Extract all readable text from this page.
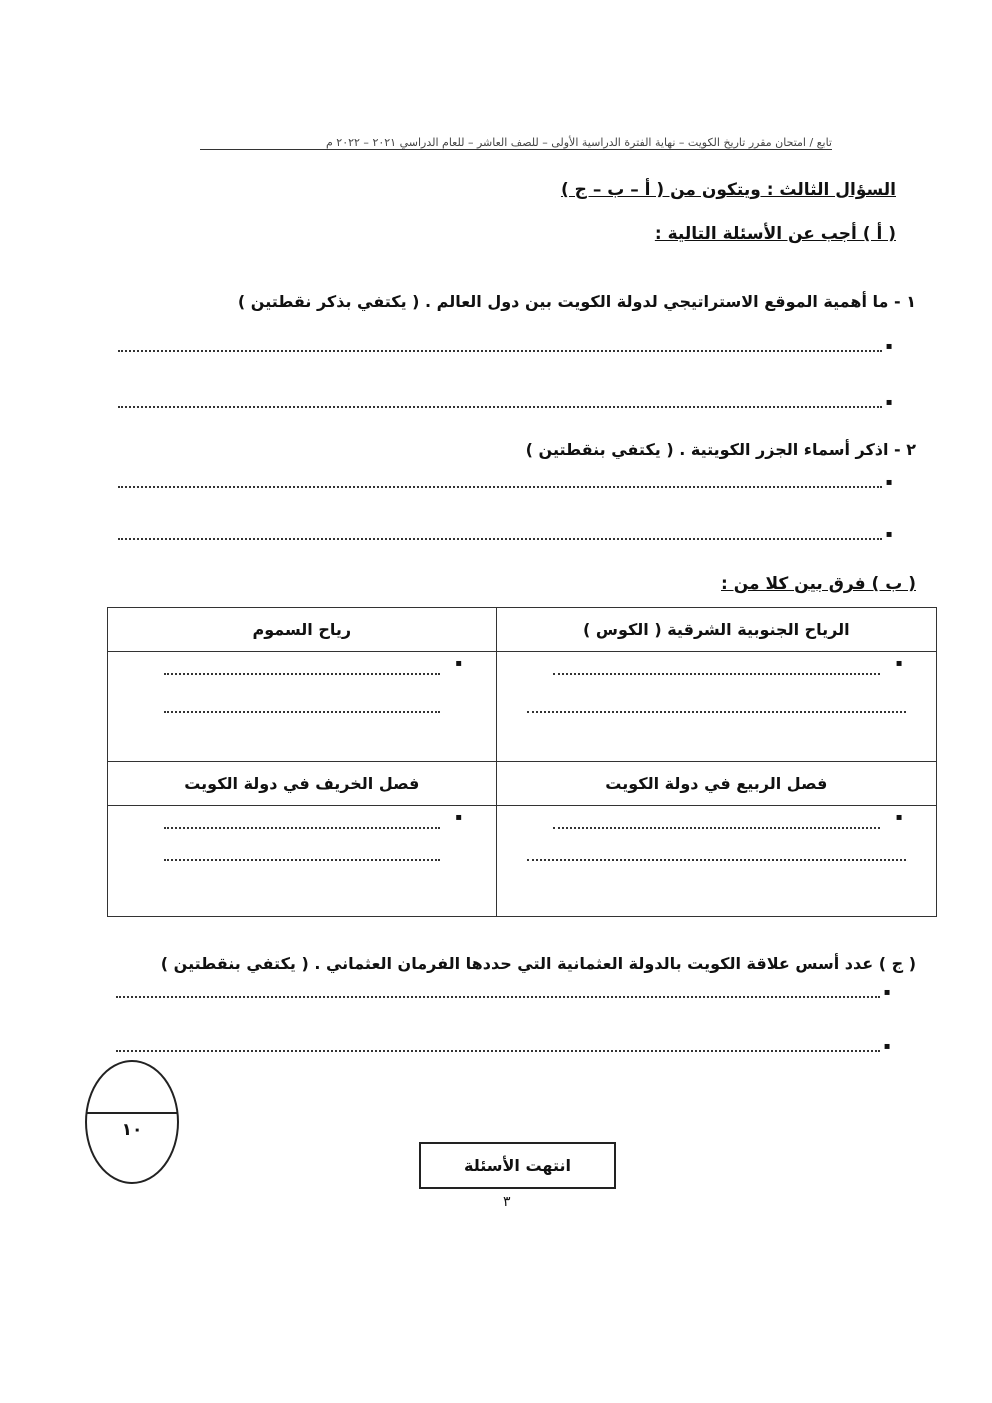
تابع / امتحان مقرر تاريخ الكويت – نهاية الفترة الدراسية الأولى – للصف العاشر – للعام الدراسي ٢٠٢١ – ٢٠٢٢ م
السؤال الثالث : ويتكون من ( أ – ب – ج )
( أ ) أجب عن الأسئلة التالية :
١ - ما أهمية الموقع الاستراتيجي لدولة الكويت بين دول العالم . ( يكتفي بذكر نقطتين )
▪
▪
٢ - اذكر أسماء الجزر الكويتية . ( يكتفي بنقطتين )
▪
▪
( ب ) فرق بين كلا من :
الرياح الجنوبية الشرقية ( الكوس )	رياح السموم

▪	▪

فصل الربيع في دولة الكويت	فصل الخريف في دولة الكويت

▪	▪
( ج ) عدد أسس علاقة الكويت بالدولة العثمانية التي حددها الفرمان العثماني . ( يكتفي بنقطتين )
▪
▪
١٠
انتهت الأسئلة
٣
